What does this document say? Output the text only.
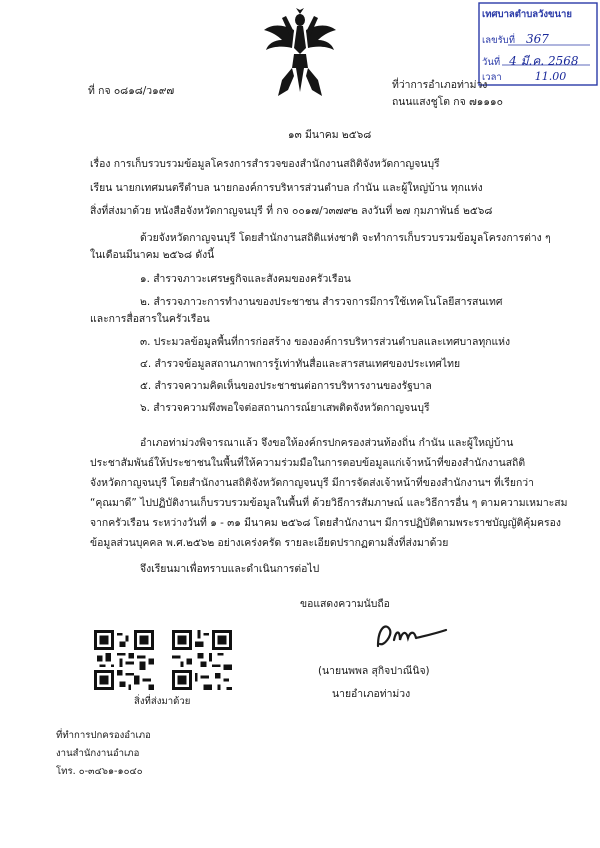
เทศบาลตำบลวังขนาย
เลขรับที่ 367
วันที่ 4 มี.ค. 2568
เวลา	11.00
ที่ กจ ๐๘๑๘/ว๑๙๗	ที่ว่าการอำเภอท่าม่วง
ถนนแสงชูโต กจ ๗๑๑๑๐
๑๓ มีนาคม ๒๕๖๘
เรื่อง การเก็บรวบรวมข้อมูลโครงการสำรวจของสำนักงานสถิติจังหวัดกาญจนบุรี
เรียน นายกเทศมนตรีตำบล นายกองค์การบริหารส่วนตำบล กำนัน และผู้ใหญ่บ้าน ทุกแห่ง
สิ่งที่ส่งมาด้วย หนังสือจังหวัดกาญจนบุรี ที่ กจ ๐๐๑๗/ว๓๗๙๒ ลงวันที่ ๒๗ กุมภาพันธ์ ๒๕๖๘
ด้วยจังหวัดกาญจนบุรี โดยสำนักงานสถิติแห่งชาติ จะทำการเก็บรวบรวมข้อมูลโครงการต่าง ๆ
ในเดือนมีนาคม ๒๕๖๘ ดังนี้
๑. สำรวจภาวะเศรษฐกิจและสังคมของครัวเรือน
๒. สำรวจภาวะการทำงานของประชาชน สำรวจการมีการใช้เทคโนโลยีสารสนเทศ
และการสื่อสารในครัวเรือน
๓. ประมวลข้อมูลพื้นที่การก่อสร้าง ขององค์การบริหารส่วนตำบลและเทศบาลทุกแห่ง
๔. สำรวจข้อมูลสถานภาพการรู้เท่าทันสื่อและสารสนเทศของประเทศไทย
๕. สำรวจความคิดเห็นของประชาชนต่อการบริหารงานของรัฐบาล
๖. สำรวจความพึงพอใจต่อสถานการณ์ยาเสพติดจังหวัดกาญจนบุรี
อำเภอท่าม่วงพิจารณาแล้ว จึงขอให้องค์กรปกครองส่วนท้องถิ่น กำนัน และผู้ใหญ่บ้าน
ประชาสัมพันธ์ให้ประชาชนในพื้นที่ให้ความร่วมมือในการตอบข้อมูลแก่เจ้าหน้าที่ของสำนักงานสถิติ
จังหวัดกาญจนบุรี โดยสำนักงานสถิติจังหวัดกาญจนบุรี มีการจัดส่งเจ้าหน้าที่ของสำนักงานฯ ที่เรียกว่า
“คุณมาดี” ไปปฏิบัติงานเก็บรวบรวมข้อมูลในพื้นที่ ด้วยวิธีการสัมภาษณ์ และวิธีการอื่น ๆ ตามความเหมาะสม
จากครัวเรือน ระหว่างวันที่ ๑ - ๓๑ มีนาคม ๒๕๖๘ โดยสำนักงานฯ มีการปฏิบัติตามพระราชบัญญัติคุ้มครอง
ข้อมูลส่วนบุคคล พ.ศ.๒๕๖๒ อย่างเคร่งครัด รายละเอียดปรากฏตามสิ่งที่ส่งมาด้วย
จึงเรียนมาเพื่อทราบและดำเนินการต่อไป
ขอแสดงความนับถือ
(นายนพพล สุกิจปาณีนิจ)
นายอำเภอท่าม่วง
สิ่งที่ส่งมาด้วย
ที่ทำการปกครองอำเภอ
งานสำนักงานอำเภอ
โทร. ๐-๓๔๖๑-๑๐๔๐
